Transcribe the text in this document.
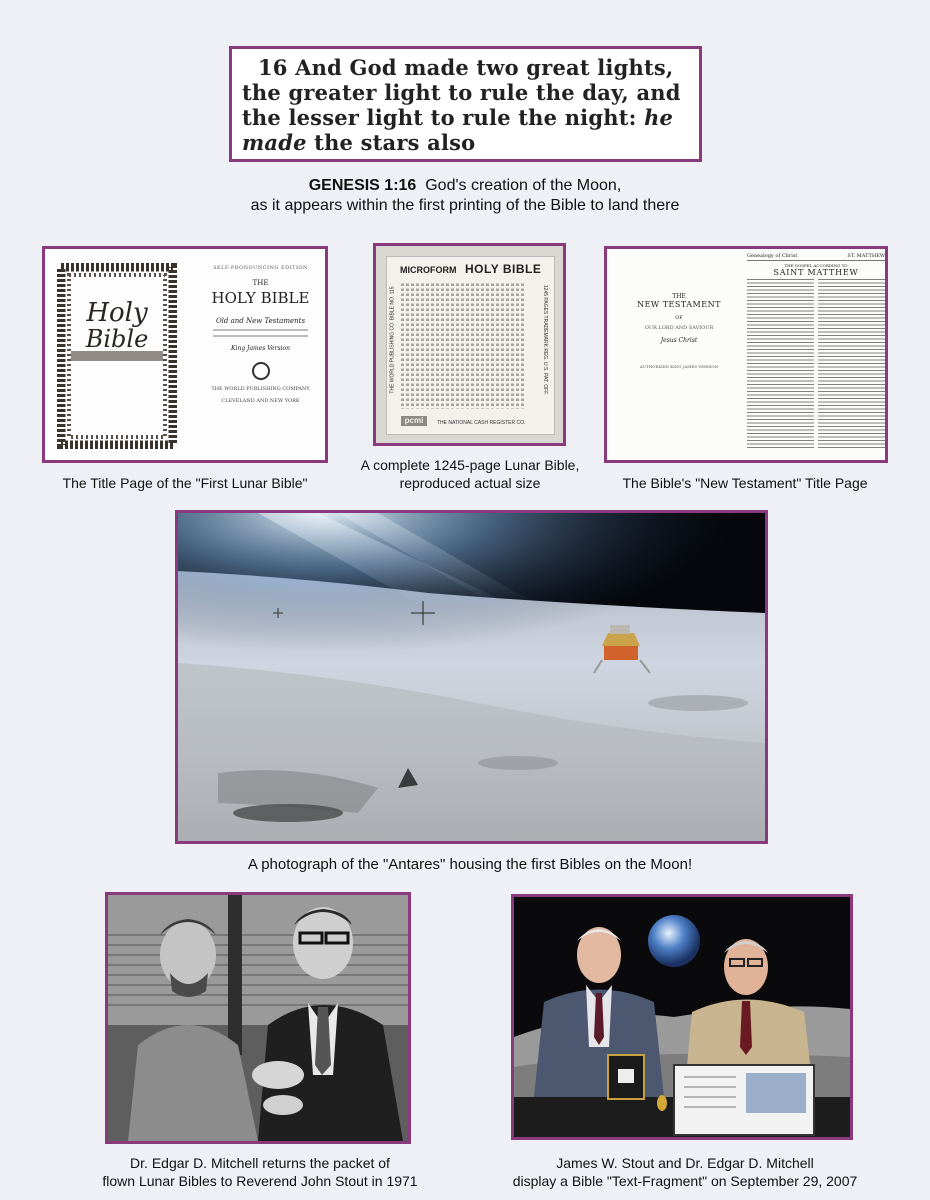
16 And God made two great lights,
the greater light to rule the day, and
the lesser light to rule the night: he
made the stars also
GENESIS 1:16  God's creation of the Moon,
as it appears within the first printing of the Bible to land there
Holy
Bible
SELF-PRONOUNCING EDITION
THE
HOLY BIBLE
Old and New Testaments
King James Version
THE WORLD PUBLISHING COMPANY
CLEVELAND AND NEW YORK
The Title Page of the "First Lunar Bible"
MICROFORM HOLY BIBLE
THE WORLD PUBLISHING CO. BIBLE NO. 115	1245 PAGES TRADEMARK REG. U.S. PAT. OFF.
pcmi	THE NATIONAL CASH REGISTER CO.
A complete 1245-page Lunar Bible,
reproduced actual size
THE
NEW TESTAMENT
OF
OUR LORD AND SAVIOUR
Jesus Christ
AUTHORIZED KING JAMES VERSION
Genealogy of Christ	ST. MATTHEW
THE GOSPEL ACCORDING TO
SAINT MATTHEW
The Bible's "New Testament" Title Page
A photograph of the "Antares" housing the first Bibles on the Moon!
Dr. Edgar D. Mitchell returns the packet of
flown Lunar Bibles to Reverend John Stout in 1971
James W. Stout and Dr. Edgar D. Mitchell
display a Bible "Text-Fragment" on September 29, 2007
